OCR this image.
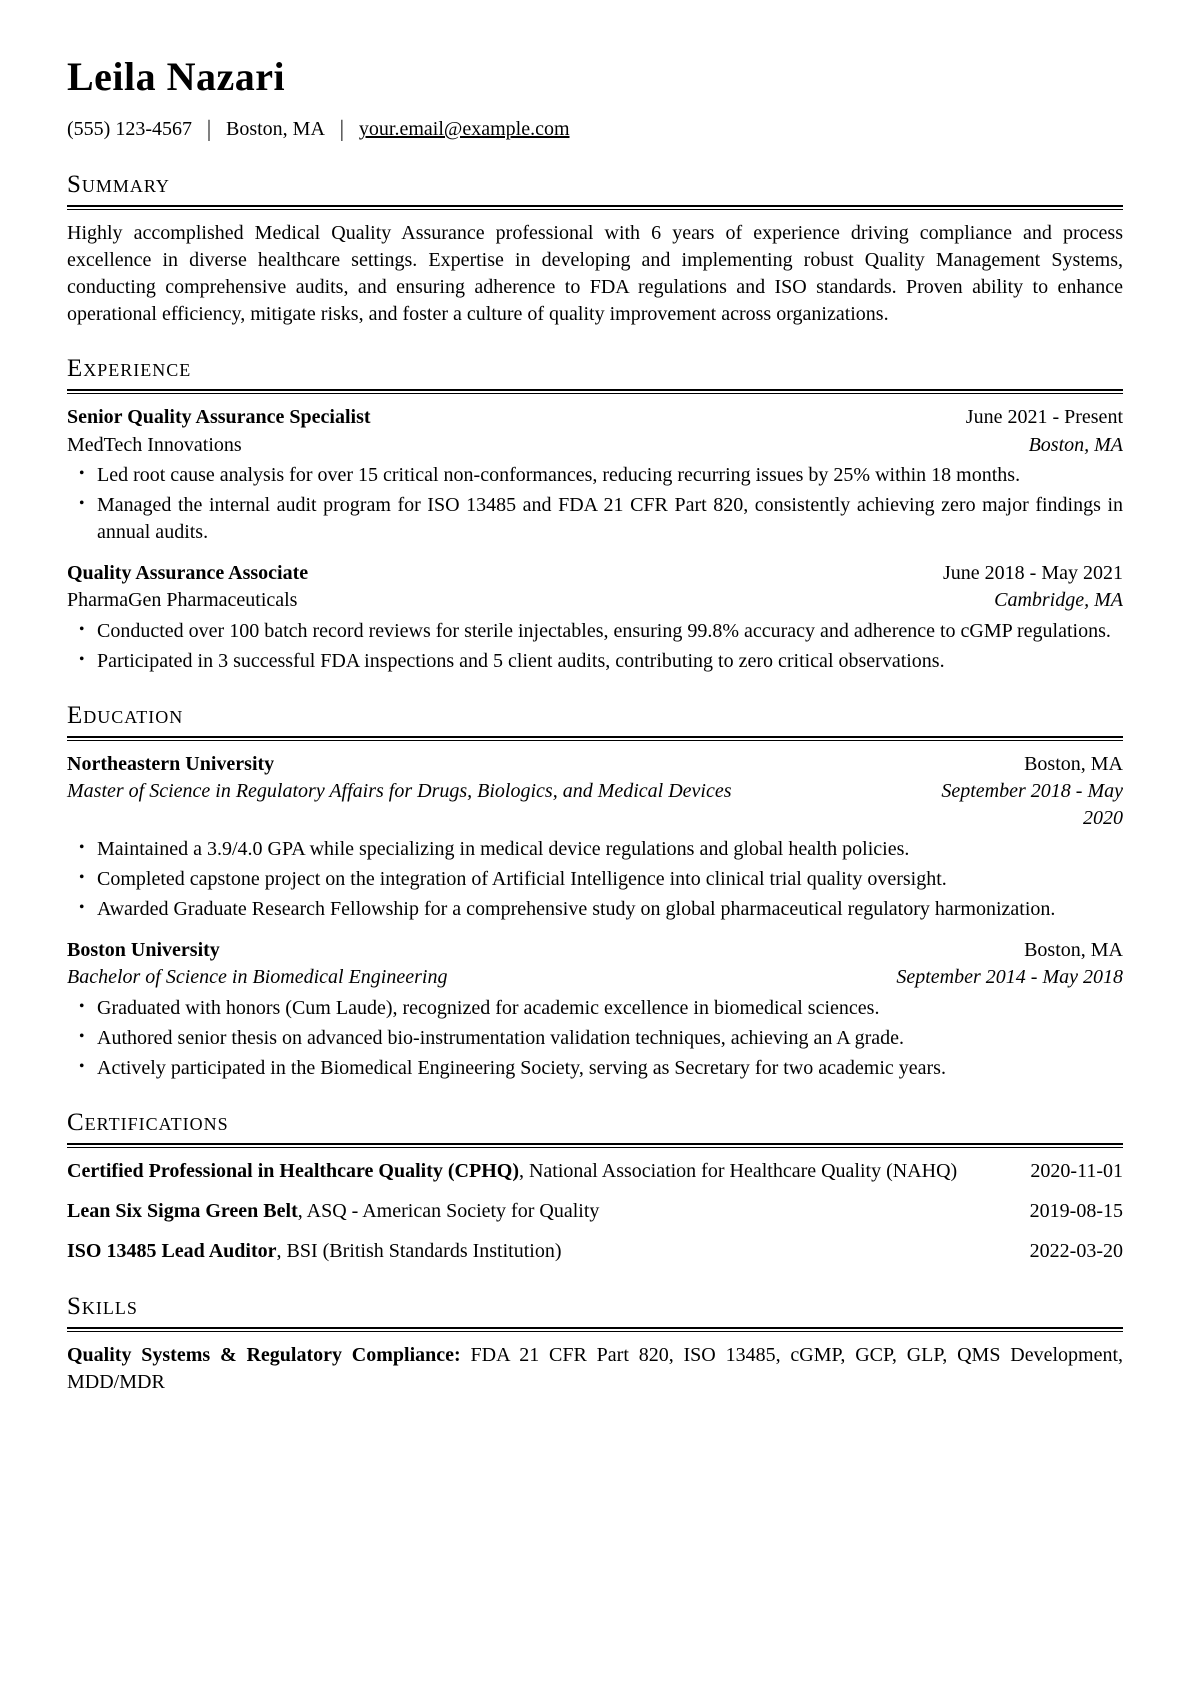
Leila Nazari
(555) 123-4567 | Boston, MA | your.email@example.com
Summary

Highly accomplished Medical Quality Assurance professional with 6 years of experience driving compliance and process excellence in diverse healthcare settings. Expertise in developing and implementing robust Quality Management Systems, conducting comprehensive audits, and ensuring adherence to FDA regulations and ISO standards. Proven ability to enhance operational efficiency, mitigate risks, and foster a culture of quality improvement across organizations.

Experience
Senior Quality Assurance Specialist	June 2021 - Present
MedTech Innovations	Boston, MA
• Led root cause analysis for over 15 critical non-conformances, reducing recurring issues by 25% within 18 months.
• Managed the internal audit program for ISO 13485 and FDA 21 CFR Part 820, consistently achieving zero major findings in annual audits.
Quality Assurance Associate	June 2018 - May 2021
PharmaGen Pharmaceuticals	Cambridge, MA
• Conducted over 100 batch record reviews for sterile injectables, ensuring 99.8% accuracy and adherence to cGMP regulations.
• Participated in 3 successful FDA inspections and 5 client audits, contributing to zero critical observations.
Education
Northeastern University	Boston, MA
Master of Science in Regulatory Affairs for Drugs, Biologics, and Medical Devices	September 2018 - May 2020
• Maintained a 3.9/4.0 GPA while specializing in medical device regulations and global health policies.
• Completed capstone project on the integration of Artificial Intelligence into clinical trial quality oversight.
• Awarded Graduate Research Fellowship for a comprehensive study on global pharmaceutical regulatory harmonization.
Boston University	Boston, MA
Bachelor of Science in Biomedical Engineering	September 2014 - May 2018
• Graduated with honors (Cum Laude), recognized for academic excellence in biomedical sciences.
• Authored senior thesis on advanced bio-instrumentation validation techniques, achieving an A grade.
• Actively participated in the Biomedical Engineering Society, serving as Secretary for two academic years.
Certifications
Certified Professional in Healthcare Quality (CPHQ), National Association for Healthcare Quality (NAHQ)	2020-11-01
Lean Six Sigma Green Belt, ASQ - American Society for Quality	2019-08-15
ISO 13485 Lead Auditor, BSI (British Standards Institution)	2022-03-20
Skills

Quality Systems & Regulatory Compliance: FDA 21 CFR Part 820, ISO 13485, cGMP, GCP, GLP, QMS Development, MDD/MDR
